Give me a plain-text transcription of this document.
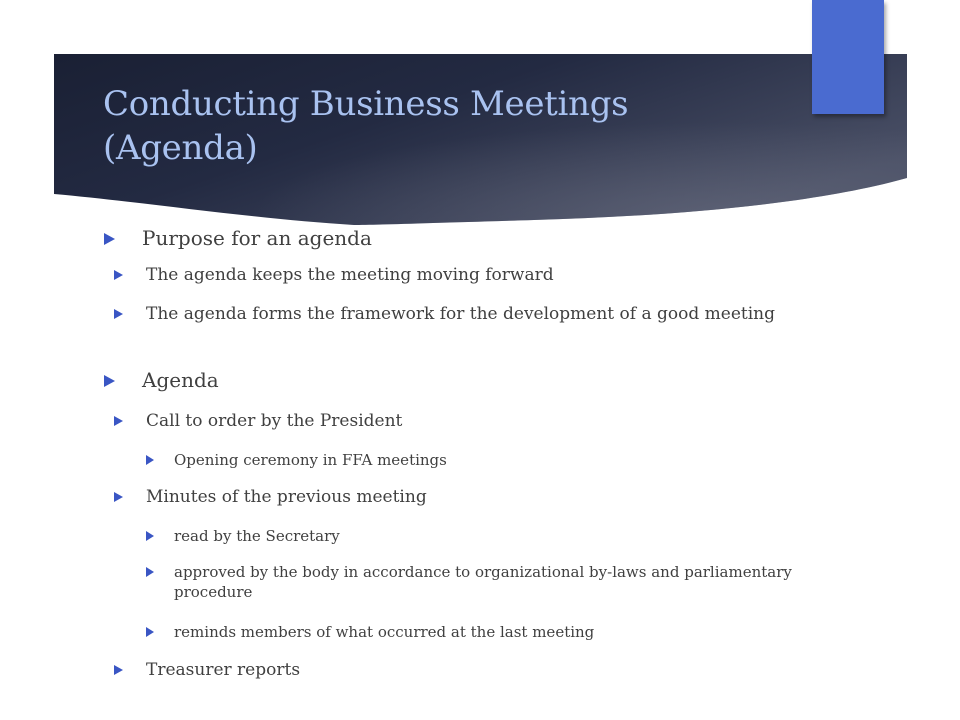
Conducting Business Meetings
(Agenda)

Purpose for an agenda

The agenda keeps the meeting moving forward

The agenda forms the framework for the development of a good meeting

Agenda

Call to order by the President

Opening ceremony in FFA meetings

Minutes of the previous meeting

read by the Secretary

approved by the body in accordance to organizational by-laws and parliamentary procedure

reminds members of what occurred at the last meeting

Treasurer reports
